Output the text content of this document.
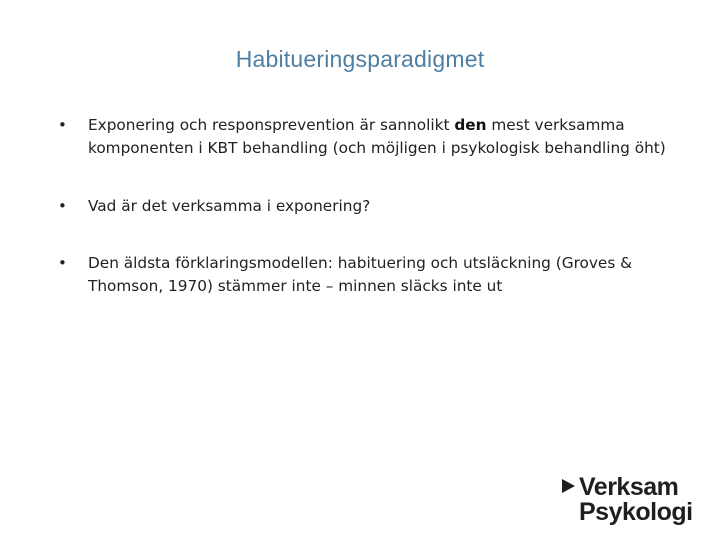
Habitueringsparadigmet
•	Exponering och responsprevention är sannolikt den mest verksamma komponenten i KBT behandling (och möjligen i psykologisk behandling öht)
•	Vad är det verksamma i exponering?
•	Den äldsta förklaringsmodellen: habituering och utsläckning (Groves & Thomson, 1970) stämmer inte – minnen släcks inte ut
Verksam
Psykologi
